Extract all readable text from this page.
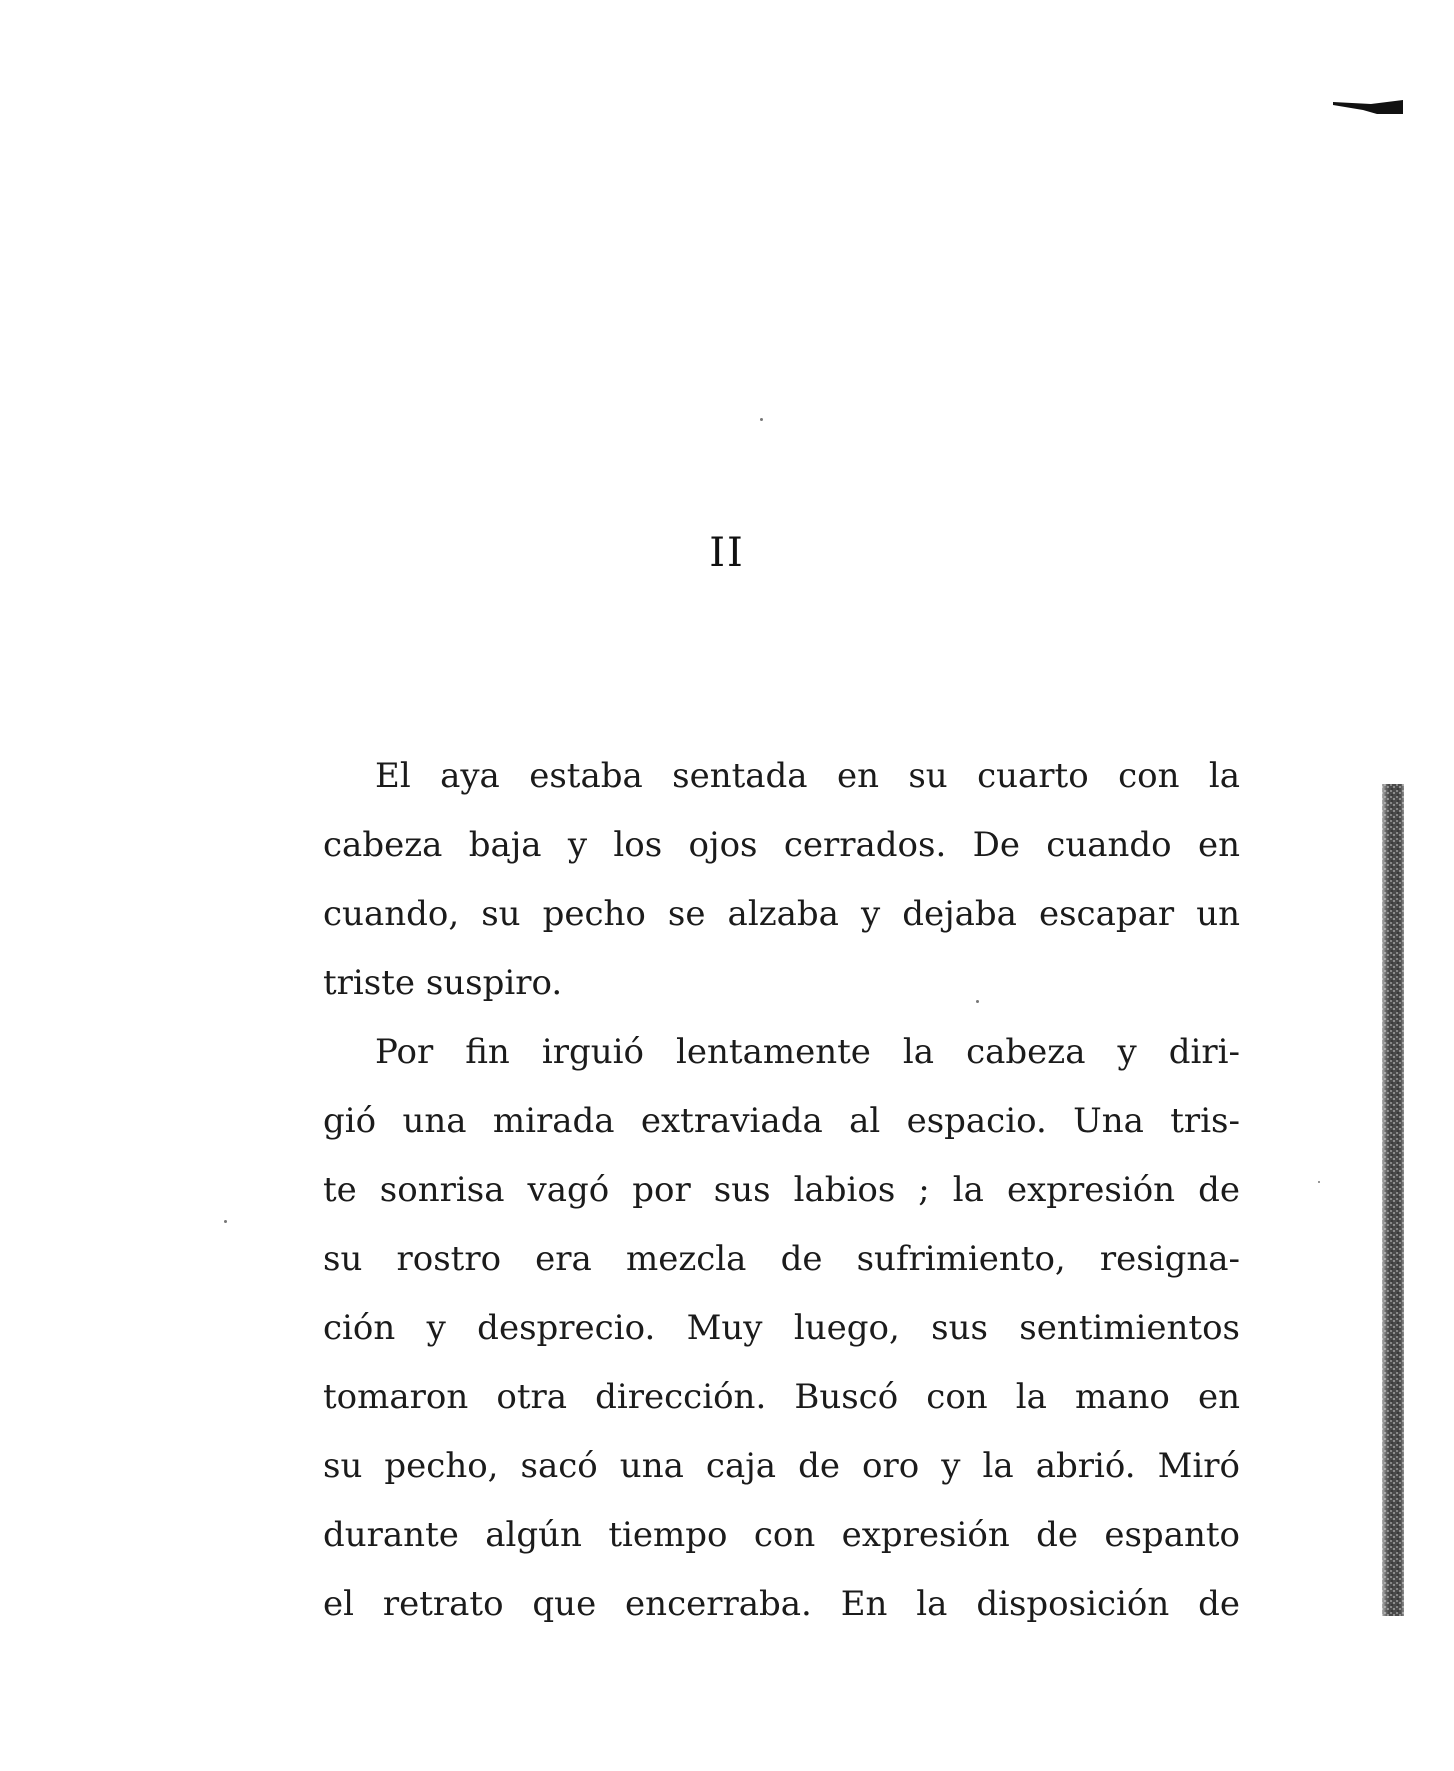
II
El aya estaba sentada en su cuarto con la
cabeza baja y los ojos cerrados. De cuando en
cuando, su pecho se alzaba y dejaba escapar un
triste suspiro.
Por fin irguió lentamente la cabeza y diri-
gió una mirada extraviada al espacio. Una tris-
te sonrisa vagó por sus labios ; la expresión de
su rostro era mezcla de sufrimiento, resigna-
ción y desprecio. Muy luego, sus sentimientos
tomaron otra dirección. Buscó con la mano en
su pecho, sacó una caja de oro y la abrió. Miró
durante algún tiempo con expresión de espanto
el retrato que encerraba. En la disposición de
